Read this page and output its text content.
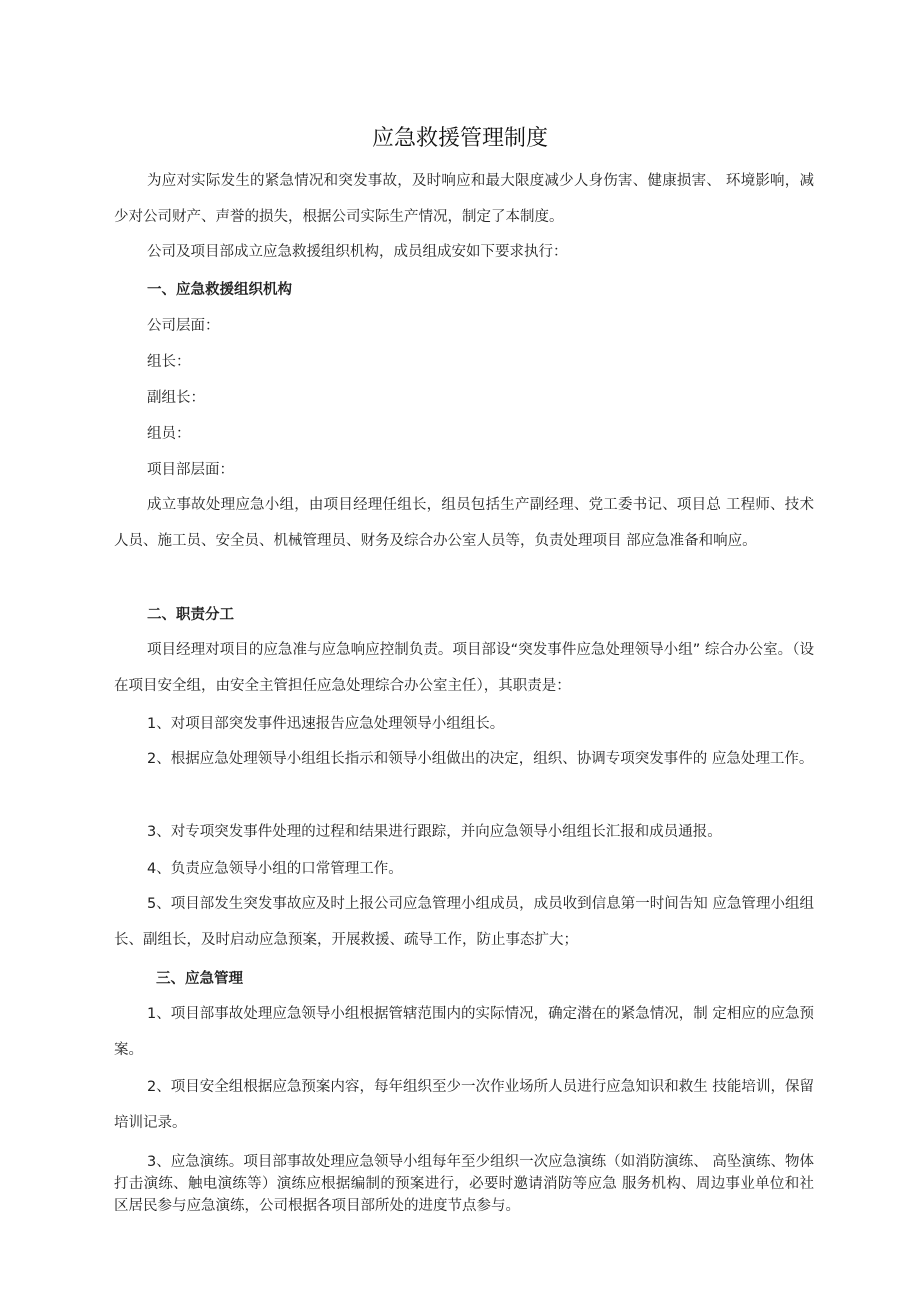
应急救援管理制度

为应对实际发生的紧急情况和突发事故，及时响应和最大限度减少人身伤害、健康损害、 环境影响，减少对公司财产、声誉的损失，根据公司实际生产情况，制定了本制度。

公司及项目部成立应急救援组织机构，成员组成安如下要求执行：

一、应急救援组织机构
公司层面：
组长：
副组长：
组员：
项目部层面：

成立事故处理应急小组，由项目经理任组长，组员包括生产副经理、党工委书记、项目总 工程师、技术人员、施工员、安全员、机械管理员、财务及综合办公室人员等，负责处理项目 部应急准备和响应。

二、职责分工

项目经理对项目的应急准与应急响应控制负责。项目部设“突发事件应急处理领导小组” 综合办公室。（设在项目安全组，由安全主管担任应急处理综合办公室主任），其职责是：

1、对项目部突发事件迅速报告应急处理领导小组组长。

2、根据应急处理领导小组组长指示和领导小组做出的决定，组织、协调专项突发事件的 应急处理工作。

3、对专项突发事件处理的过程和结果进行跟踪，并向应急领导小组组长汇报和成员通报。
4、负责应急领导小组的口常管理工作。

5、项目部发生突发事故应及时上报公司应急管理小组成员，成员收到信息第一时间告知 应急管理小组组长、副组长，及时启动应急预案，开展救援、疏导工作，防止事态扩大；

三、应急管理

1、项目部事故处理应急领导小组根据管辖范围内的实际情况，确定潜在的紧急情况，制 定相应的应急预案。

2、项目安全组根据应急预案内容，每年组织至少一次作业场所人员进行应急知识和救生 技能培训，保留培训记录。

3、应急演练。项目部事故处理应急领导小组每年至少组织一次应急演练（如消防演练、 高坠演练、物体打击演练、触电演练等）演练应根据编制的预案进行，必要时邀请消防等应急 服务机构、周边事业单位和社区居民参与应急演练，公司根据各项目部所处的进度节点参与。
